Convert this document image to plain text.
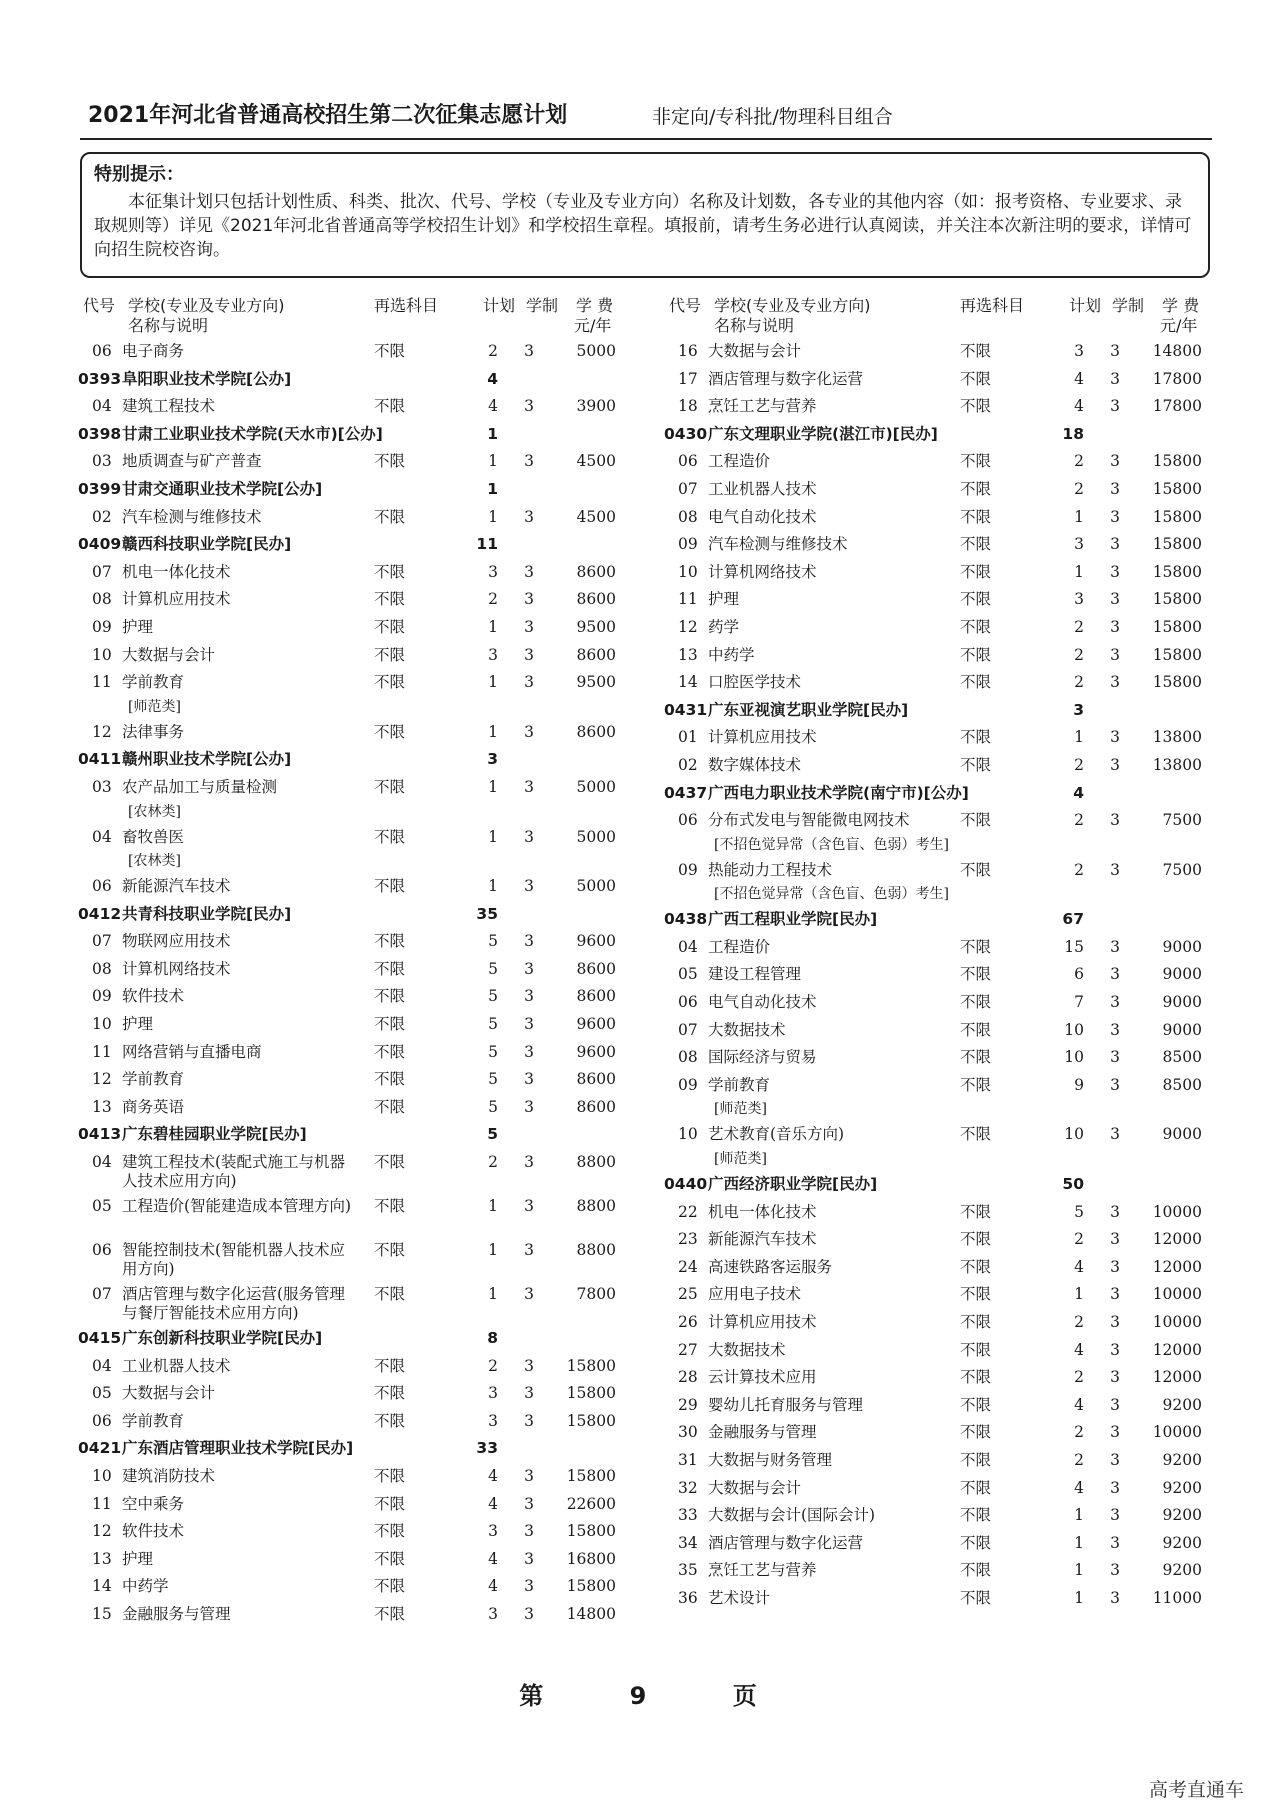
2021年河北省普通高校招生第二次征集志愿计划	非定向/专科批/物理科目组合
特别提示：

本征集计划只包括计划性质、科类、批次、代号、学校（专业及专业方向）名称及计划数，各专业的其他内容（如：报考资格、专业要求、录取规则等）详见《2021年河北省普通高等学校招生计划》和学校招生章程。填报前，请考生务必进行认真阅读，并关注本次新注明的要求，详情可向招生院校咨询。

代号 学校(专业及专业方向)
名称与说明
再选科目	计划 学制 学 费
元/年
06 电子商务	不限	2	3	5000
0393 阜阳职业技术学院[公办]	4
04 建筑工程技术	不限	4	3	3900
0398 甘肃工业职业技术学院(天水市)[公办]	1
03 地质调查与矿产普查	不限	1	3	4500
0399 甘肃交通职业技术学院[公办]	1
02 汽车检测与维修技术	不限	1	3	4500
0409 赣西科技职业学院[民办]	11
07 机电一体化技术	不限	3	3	8600
08 计算机应用技术	不限	2	3	8600
09 护理	不限	1	3	9500
10 大数据与会计	不限	3	3	8600
11 学前教育	不限	1	3	9500
[师范类]
12 法律事务	不限	1	3	8600
0411 赣州职业技术学院[公办]	3
03 农产品加工与质量检测	不限	1	3	5000
[农林类]
04 畜牧兽医	不限	1	3	5000
[农林类]
06 新能源汽车技术	不限	1	3	5000
0412 共青科技职业学院[民办]	35
07 物联网应用技术	不限	5	3	9600
08 计算机网络技术	不限	5	3	8600
09 软件技术	不限	5	3	8600
10 护理	不限	5	3	9600
11 网络营销与直播电商	不限	5	3	9600
12 学前教育	不限	5	3	8600
13 商务英语	不限	5	3	8600
0413 广东碧桂园职业学院[民办]	5
04 建筑工程技术(装配式施工与机器人技术应用方向)
不限	2	3	8800
05 工程造价(智能建造成本管理方向)	不限	1	3	8800
06 智能控制技术(智能机器人技术应用方向)
不限	1	3	8800
07 酒店管理与数字化运营(服务管理与餐厅智能技术应用方向)
不限	1	3	7800
0415 广东创新科技职业学院[民办]	8
04 工业机器人技术	不限	2	3	15800
05 大数据与会计	不限	3	3	15800
06 学前教育	不限	3	3	15800
0421 广东酒店管理职业技术学院[民办]	33
10 建筑消防技术	不限	4	3	15800
11 空中乘务	不限	4	3	22600
12 软件技术	不限	3	3	15800
13 护理	不限	4	3	16800
14 中药学	不限	4	3	15800
15 金融服务与管理	不限	3	3	14800
代号 学校(专业及专业方向)
名称与说明
再选科目	计划 学制 学 费
元/年
16 大数据与会计	不限	3	3	14800
17 酒店管理与数字化运营	不限	4	3	17800
18 烹饪工艺与营养	不限	4	3	17800
0430 广东文理职业学院(湛江市)[民办]	18
06 工程造价	不限	2	3	15800
07 工业机器人技术	不限	2	3	15800
08 电气自动化技术	不限	1	3	15800
09 汽车检测与维修技术	不限	3	3	15800
10 计算机网络技术	不限	1	3	15800
11 护理	不限	3	3	15800
12 药学	不限	2	3	15800
13 中药学	不限	2	3	15800
14 口腔医学技术	不限	2	3	15800
0431 广东亚视演艺职业学院[民办]	3
01 计算机应用技术	不限	1	3	13800
02 数字媒体技术	不限	2	3	13800
0437 广西电力职业技术学院(南宁市)[公办]	4
06 分布式发电与智能微电网技术	不限	2	3	7500
[不招色觉异常（含色盲、色弱）考生]
09 热能动力工程技术	不限	2	3	7500
[不招色觉异常（含色盲、色弱）考生]
0438 广西工程职业学院[民办]	67
04 工程造价	不限	15	3	9000
05 建设工程管理	不限	6	3	9000
06 电气自动化技术	不限	7	3	9000
07 大数据技术	不限	10	3	9000
08 国际经济与贸易	不限	10	3	8500
09 学前教育	不限	9	3	8500
[师范类]
10 艺术教育(音乐方向)	不限	10	3	9000
[师范类]
0440 广西经济职业学院[民办]	50
22 机电一体化技术	不限	5	3	10000
23 新能源汽车技术	不限	2	3	12000
24 高速铁路客运服务	不限	4	3	12000
25 应用电子技术	不限	1	3	10000
26 计算机应用技术	不限	2	3	10000
27 大数据技术	不限	4	3	12000
28 云计算技术应用	不限	2	3	12000
29 婴幼儿托育服务与管理	不限	4	3	9200
30 金融服务与管理	不限	2	3	10000
31 大数据与财务管理	不限	2	3	9200
32 大数据与会计	不限	4	3	9200
33 大数据与会计(国际会计)	不限	1	3	9200
34 酒店管理与数字化运营	不限	1	3	9200
35 烹饪工艺与营养	不限	1	3	9200
36 艺术设计	不限	1	3	11000
第	9	页
高考直通车
